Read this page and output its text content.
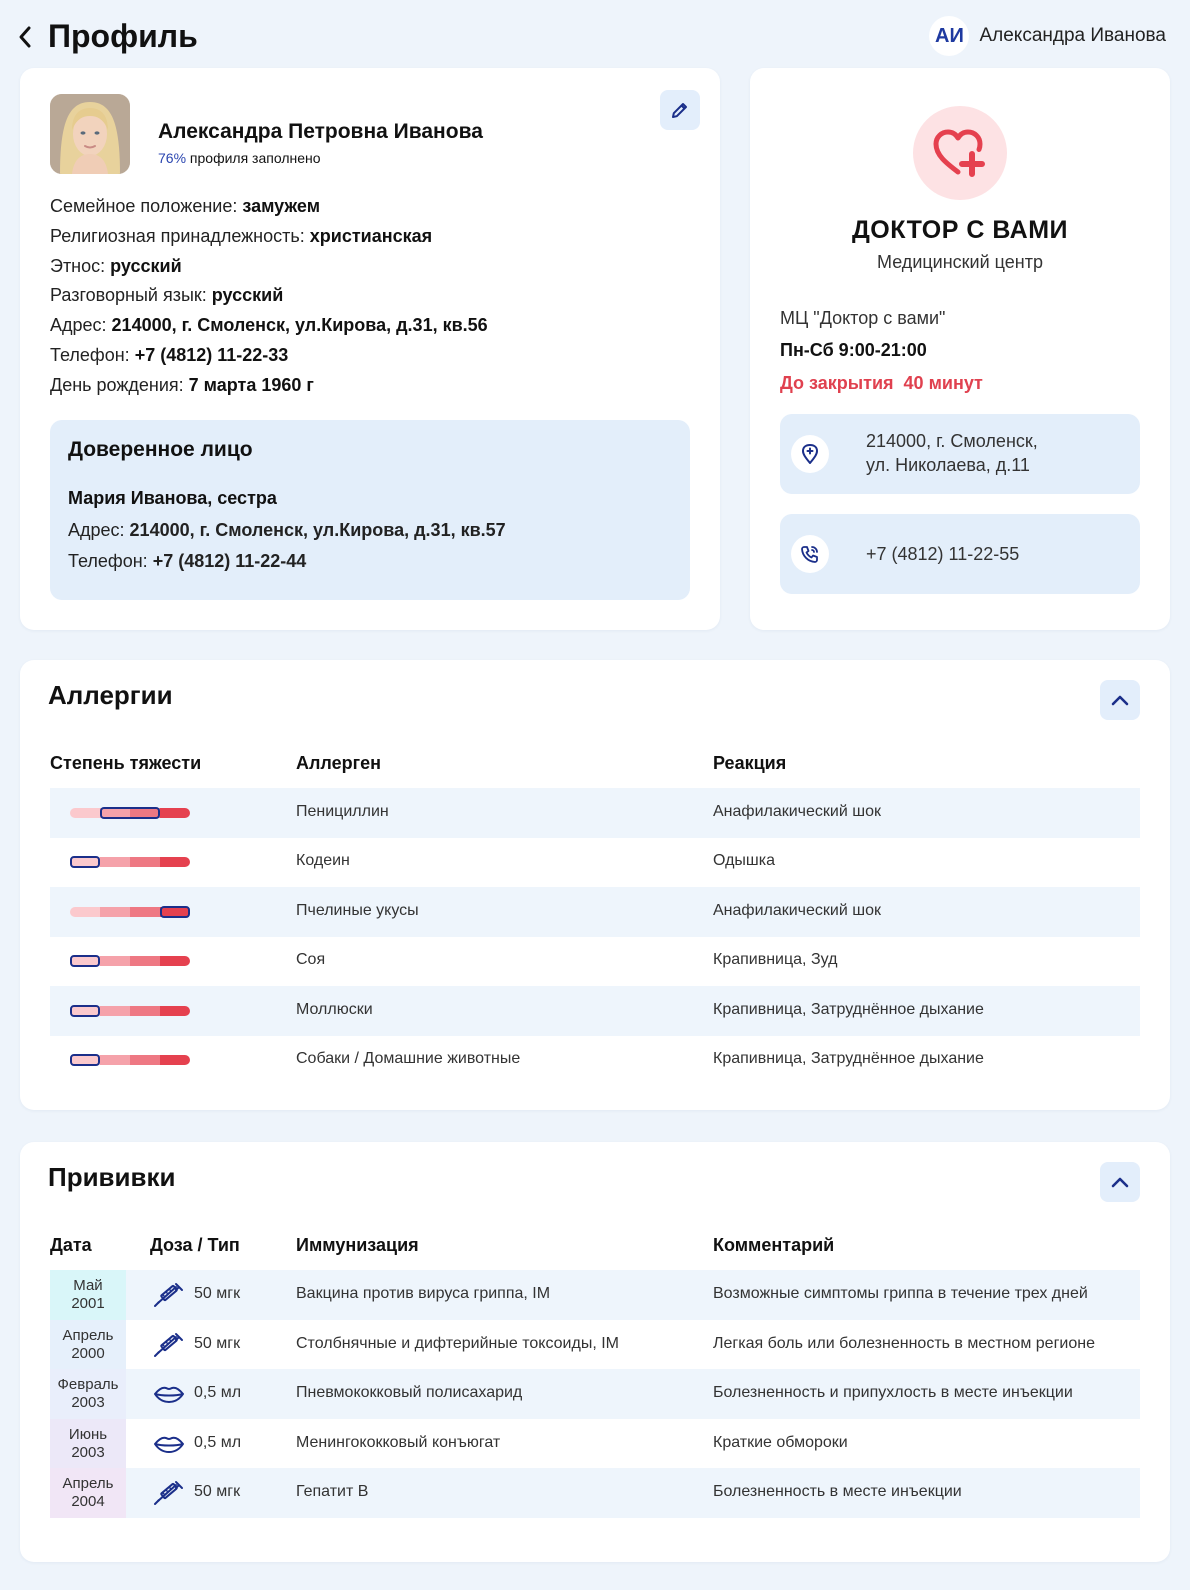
Профиль	АИ Александра Иванова
Александра Петровна Иванова
76% профиля заполнено
Семейное положение: замужем
Религиозная принадлежность: христианская
Этнос: русский
Разговорный язык: русский
Адрес: 214000, г. Смоленск, ул.Кирова, д.31, кв.56
Телефон: +7 (4812) 11-22-33
День рождения: 7 марта 1960 г
Доверенное лицо
Мария Иванова, сестра
Адрес: 214000, г. Смоленск, ул.Кирова, д.31, кв.57
Телефон: +7 (4812) 11-22-44
ДОКТОР С ВАМИ
Медицинский центр
МЦ "Доктор с вами"
Пн-Сб 9:00-21:00
До закрытия 40 минут
214000, г. Смоленск,
ул. Николаева, д.11
+7 (4812) 11-22-55
Аллергии
Степень тяжести	Аллерген	Реакция
Пенициллин	Анафилакический шок
Кодеин	Одышка
Пчелиные укусы	Анафилакический шок
Соя	Крапивница, Зуд
Моллюски	Крапивница, Затруднённое дыхание
Собаки / Домашние животные	Крапивница, Затруднённое дыхание
Прививки
Дата	Доза / Тип	Иммунизация	Комментарий
Май
2001
50 мгк	Вакцина против вируса гриппа, IM	Возможные симптомы гриппа в течение трех дней
Апрель
2000
50 мгк	Столбнячные и дифтерийные токсоиды, IM	Легкая боль или болезненность в местном регионе
Февраль
2003
0,5 мл	Пневмококковый полисахарид	Болезненность и припухлость в месте инъекции
Июнь
2003
0,5 мл	Менингококковый конъюгат	Краткие обмороки
Апрель
2004
50 мгк	Гепатит В	Болезненность в месте инъекции
